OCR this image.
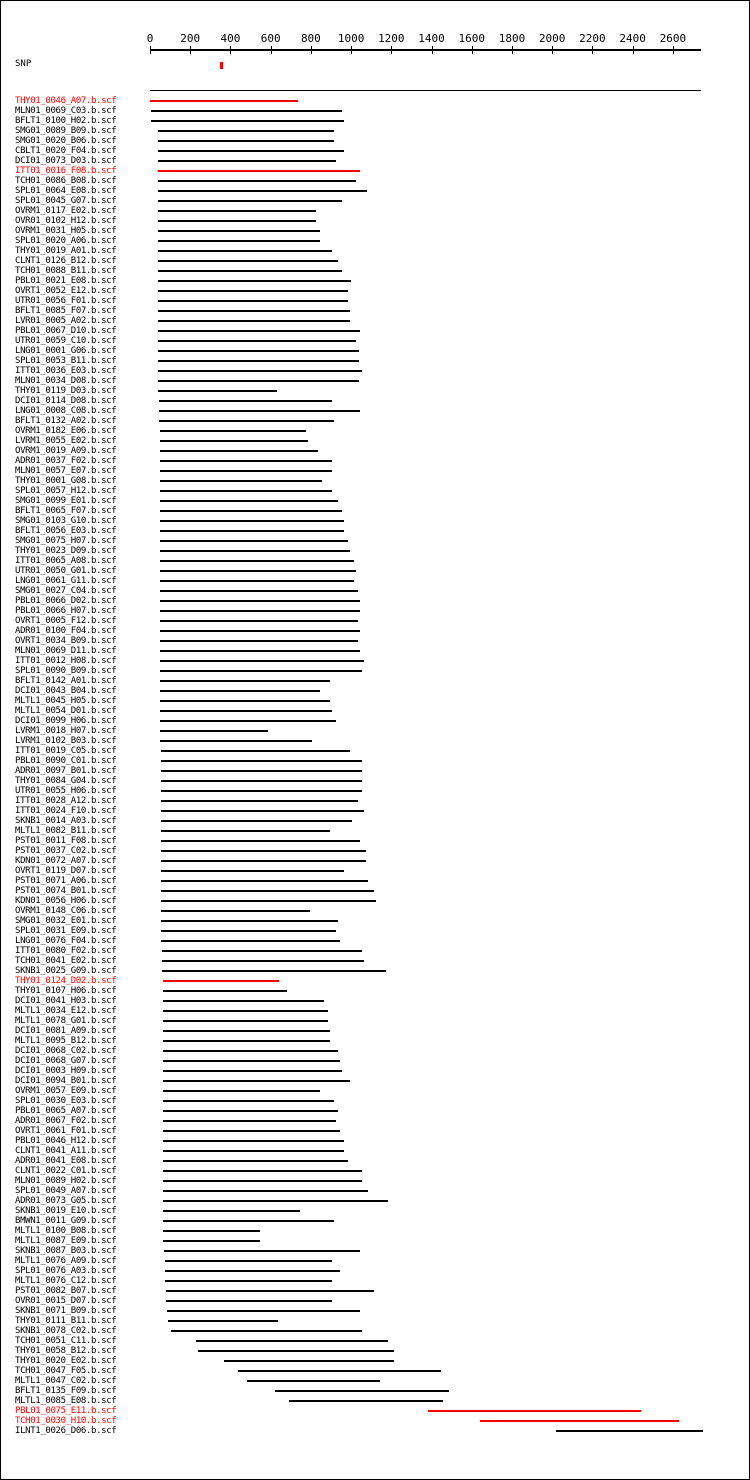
SNP
THY01_0046_A07.b.scf
MLN01_0069_C03.b.scf
BFLT1_0100_H02.b.scf
SMG01_0089_B09.b.scf
SMG01_0020_B06.b.scf
CBLT1_0020_F04.b.scf
DCI01_0073_D03.b.scf
ITT01_0016_F08.b.scf
TCH01_0086_B08.b.scf
SPL01_0064_E08.b.scf
SPL01_0045_G07.b.scf
OVRM1_0117_E02.b.scf
OVR01_0102_H12.b.scf
OVRM1_0031_H05.b.scf
SPL01_0020_A06.b.scf
THY01_0019_A01.b.scf
CLNT1_0126_B12.b.scf
TCH01_0088_B11.b.scf
PBL01_0021_E08.b.scf
OVRT1_0052_E12.b.scf
UTR01_0056_F01.b.scf
BFLT1_0085_F07.b.scf
LVR01_0005_A02.b.scf
PBL01_0067_D10.b.scf
UTR01_0059_C10.b.scf
LNG01_0001_G06.b.scf
SPL01_0053_B11.b.scf
ITT01_0036_E03.b.scf
MLN01_0034_D08.b.scf
THY01_0119_D03.b.scf
DCI01_0114_D08.b.scf
LNG01_0008_C08.b.scf
BFLT1_0132_A02.b.scf
OVRM1_0182_E06.b.scf
LVRM1_0055_E02.b.scf
OVRM1_0019_A09.b.scf
ADR01_0037_F02.b.scf
MLN01_0057_E07.b.scf
THY01_0001_G08.b.scf
SPL01_0057_H12.b.scf
SMG01_0099_E01.b.scf
BFLT1_0065_F07.b.scf
SMG01_0103_G10.b.scf
BFLT1_0056_E03.b.scf
SMG01_0075_H07.b.scf
THY01_0023_D09.b.scf
ITT01_0065_A08.b.scf
UTR01_0050_G01.b.scf
LNG01_0061_G11.b.scf
SMG01_0027_C04.b.scf
PBL01_0066_D02.b.scf
PBL01_0066_H07.b.scf
OVRT1_0005_F12.b.scf
ADR01_0100_F04.b.scf
OVRT1_0034_B09.b.scf
MLN01_0069_D11.b.scf
ITT01_0012_H08.b.scf
SPL01_0090_B09.b.scf
BFLT1_0142_A01.b.scf
DCI01_0043_B04.b.scf
MLTL1_0045_H05.b.scf
MLTL1_0054_D01.b.scf
DCI01_0099_H06.b.scf
LVRM1_0018_H07.b.scf
LVRM1_0102_B03.b.scf
ITT01_0019_C05.b.scf
PBL01_0090_C01.b.scf
ADR01_0097_B01.b.scf
THY01_0084_G04.b.scf
UTR01_0055_H06.b.scf
ITT01_0028_A12.b.scf
ITT01_0024_F10.b.scf
SKNB1_0014_A03.b.scf
MLTL1_0082_B11.b.scf
PST01_0011_F08.b.scf
PST01_0037_C02.b.scf
KDN01_0072_A07.b.scf
OVRT1_0119_D07.b.scf
PST01_0071_A06.b.scf
PST01_0074_B01.b.scf
KDN01_0056_H06.b.scf
OVRM1_0148_C06.b.scf
SMG01_0032_E01.b.scf
SPL01_0031_E09.b.scf
LNG01_0076_F04.b.scf
ITT01_0080_F02.b.scf
TCH01_0041_E02.b.scf
SKNB1_0025_G09.b.scf
THY01_0124_D02.b.scf
THY01_0107_H06.b.scf
DCI01_0041_H03.b.scf
MLTL1_0034_E12.b.scf
MLTL1_0078_G01.b.scf
DCI01_0081_A09.b.scf
MLTL1_0095_B12.b.scf
DCI01_0068_C02.b.scf
DCI01_0068_G07.b.scf
DCI01_0003_H09.b.scf
DCI01_0094_B01.b.scf
OVRM1_0057_E09.b.scf
SPL01_0030_E03.b.scf
PBL01_0065_A07.b.scf
ADR01_0067_F02.b.scf
OVRT1_0061_F01.b.scf
PBL01_0046_H12.b.scf
CLNT1_0041_A11.b.scf
ADR01_0041_E08.b.scf
CLNT1_0022_C01.b.scf
MLN01_0089_H02.b.scf
SPL01_0049_A07.b.scf
ADR01_0073_G05.b.scf
SKNB1_0019_E10.b.scf
BMWN1_0011_G09.b.scf
MLTL1_0100_B08.b.scf
MLTL1_0087_E09.b.scf
SKNB1_0087_B03.b.scf
MLTL1_0076_A09.b.scf
SPL01_0076_A03.b.scf
MLTL1_0076_C12.b.scf
PST01_0082_B07.b.scf
OVR01_0015_D07.b.scf
SKNB1_0071_B09.b.scf
THY01_0111_B11.b.scf
SKNB1_0078_C02.b.scf
TCH01_0051_C11.b.scf
THY01_0058_B12.b.scf
THY01_0020_E02.b.scf
TCH01_0047_F05.b.scf
MLTL1_0047_C02.b.scf
BFLT1_0135_F09.b.scf
MLTL1_0085_E08.b.scf
PBL01_0075_E11.b.scf
TCH01_0030_H10.b.scf
ILNT1_0026_D06.b.scf
0 200 400 600 800 1000 1200 1400 1600 1800 2000 2200 2400 2600
